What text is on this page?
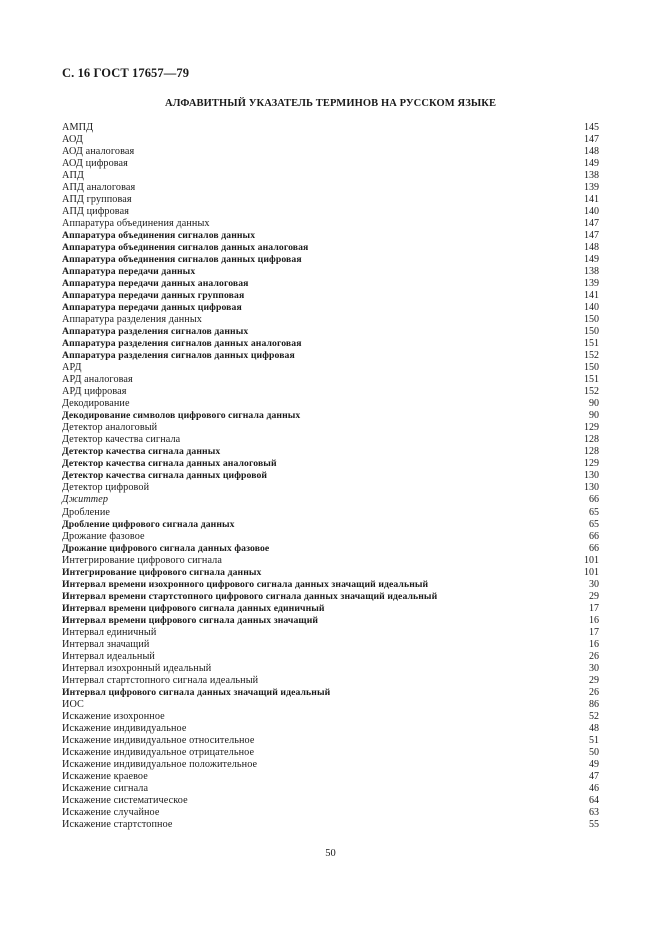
С. 16 ГОСТ 17657—79
АЛФАВИТНЫЙ УКАЗАТЕЛЬ ТЕРМИНОВ НА РУССКОМ ЯЗЫКЕ
АМПД	145
АОД	147
АОД аналоговая	148
АОД цифровая	149
АПД	138
АПД аналоговая	139
АПД групповая	141
АПД цифровая	140
Аппаратура объединения данных	147
Аппаратура объединения сигналов данных	147
Аппаратура объединения сигналов данных аналоговая	148
Аппаратура объединения сигналов данных цифровая	149
Аппаратура передачи данных	138
Аппаратура передачи данных аналоговая	139
Аппаратура передачи данных групповая	141
Аппаратура передачи данных цифровая	140
Аппаратура разделения данных	150
Аппаратура разделения сигналов данных	150
Аппаратура разделения сигналов данных аналоговая	151
Аппаратура разделения сигналов данных цифровая	152
АРД	150
АРД аналоговая	151
АРД цифровая	152
Декодирование	90
Декодирование символов цифрового сигнала данных	90
Детектор аналоговый	129
Детектор качества сигнала	128
Детектор качества сигнала данных	128
Детектор качества сигнала данных аналоговый	129
Детектор качества сигнала данных цифровой	130
Детектор цифровой	130
Джиттер	66
Дробление	65
Дробление цифрового сигнала данных	65
Дрожание фазовое	66
Дрожание цифрового сигнала данных фазовое	66
Интегрирование цифрового сигнала	101
Интегрирование цифрового сигнала данных	101
Интервал времени изохронного цифрового сигнала данных значащий идеальный	30
Интервал времени стартстопного цифрового сигнала данных значащий идеальный	29
Интервал времени цифрового сигнала данных единичный	17
Интервал времени цифрового сигнала данных значащий	16
Интервал единичный	17
Интервал значащий	16
Интервал идеальный	26
Интервал изохронный идеальный	30
Интервал стартстопного сигнала идеальный	29
Интервал цифрового сигнала данных значащий идеальный	26
ИОС	86
Искажение изохронное	52
Искажение индивидуальное	48
Искажение индивидуальное относительное	51
Искажение индивидуальное отрицательное	50
Искажение индивидуальное положительное	49
Искажение краевое	47
Искажение сигнала	46
Искажение систематическое	64
Искажение случайное	63
Искажение стартстопное	55
50
